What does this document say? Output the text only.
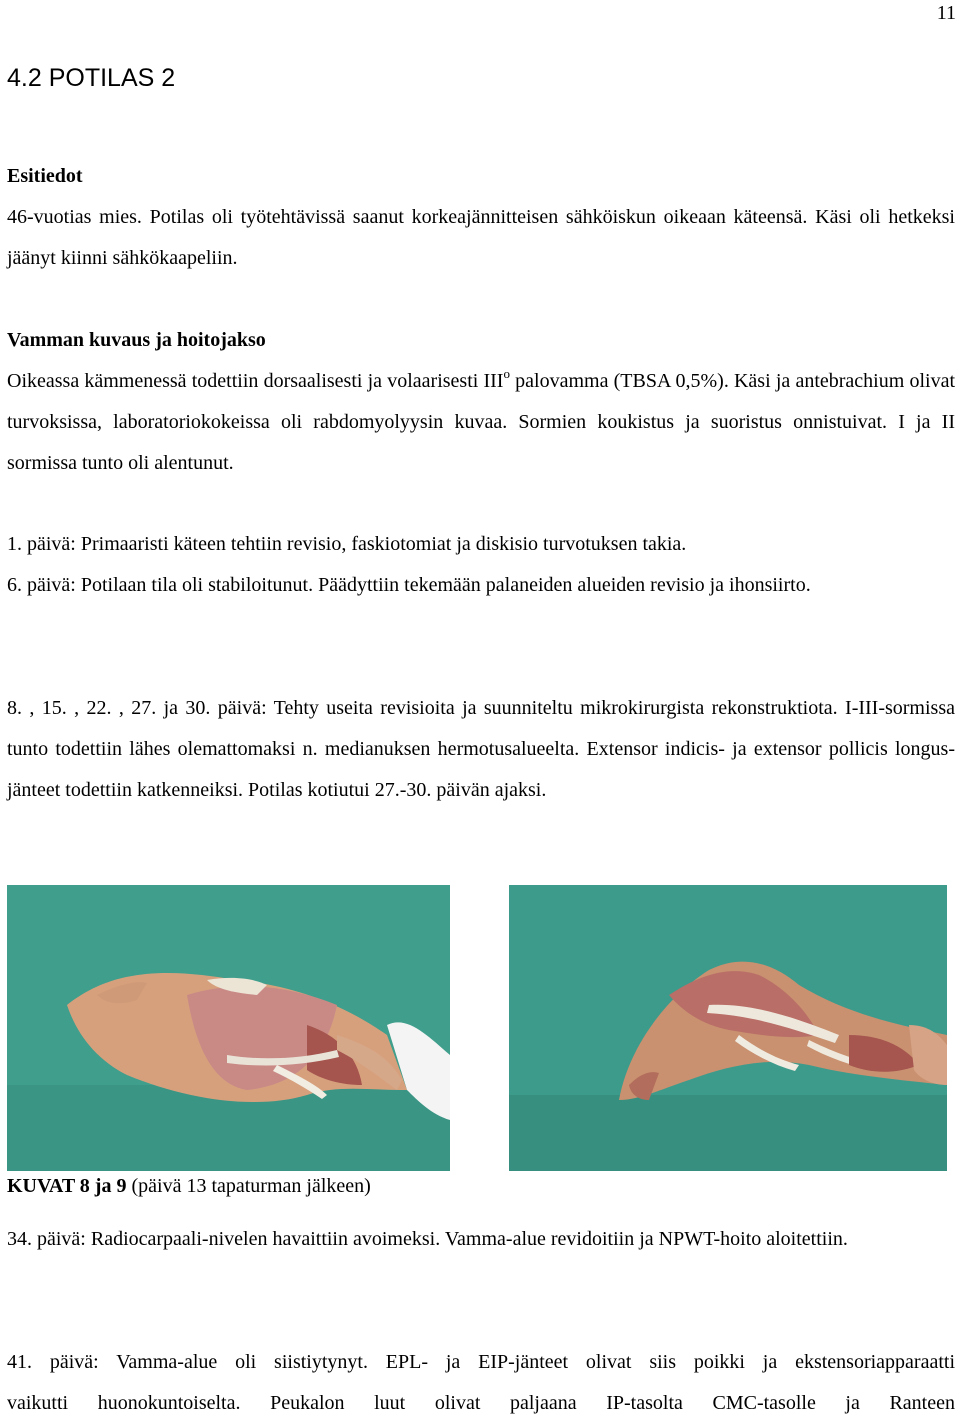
11
4.2 POTILAS 2

Esitiedot
46-vuotias mies. Potilas oli työtehtävissä saanut korkeajännitteisen sähköiskun oikeaan käteensä. Käsi oli hetkeksi jäänyt kiinni sähkökaapeliin.

Vamman kuvaus ja hoitojakso
Oikeassa kämmenessä todettiin dorsaalisesti ja volaarisesti III$^o$ palovamma (TBSA 0,5%). Käsi ja antebrachium olivat turvoksissa, laboratoriokokeissa oli rabdomyolyysin kuvaa. Sormien koukistus ja suoristus onnistuivat. I ja II sormissa tunto oli alentunut.

1. päivä: Primaaristi käteen tehtiin revisio, faskiotomiat ja diskisio turvotuksen takia.
6. päivä: Potilaan tila oli stabiloitunut. Päädyttiin tekemään palaneiden alueiden revisio ja ihonsiirto.

8. , 15. , 22. , 27. ja 30. päivä: Tehty useita revisioita ja suunniteltu mikrokirurgista rekonstruktiota. I-III-sormissa tunto todettiin lähes olemattomaksi n. medianuksen hermotusalueelta. Extensor indicis- ja extensor pollicis longus-jänteet todettiin katkenneiksi. Potilas kotiutui 27.-30. päivän ajaksi.

KUVAT 8 ja 9 (päivä 13 tapaturman jälkeen)

34. päivä: Radiocarpaali-nivelen havaittiin avoimeksi. Vamma-alue revidoitiin ja NPWT-hoito aloitettiin.

41. päivä: Vamma-alue oli siistiytynyt. EPL- ja EIP-jänteet olivat siis poikki ja ekstensoriapparaatti

vaikutti huonokuntoiselta. Peukalon luut olivat paljaana IP-tasolta CMC-tasolle ja Ranteen
